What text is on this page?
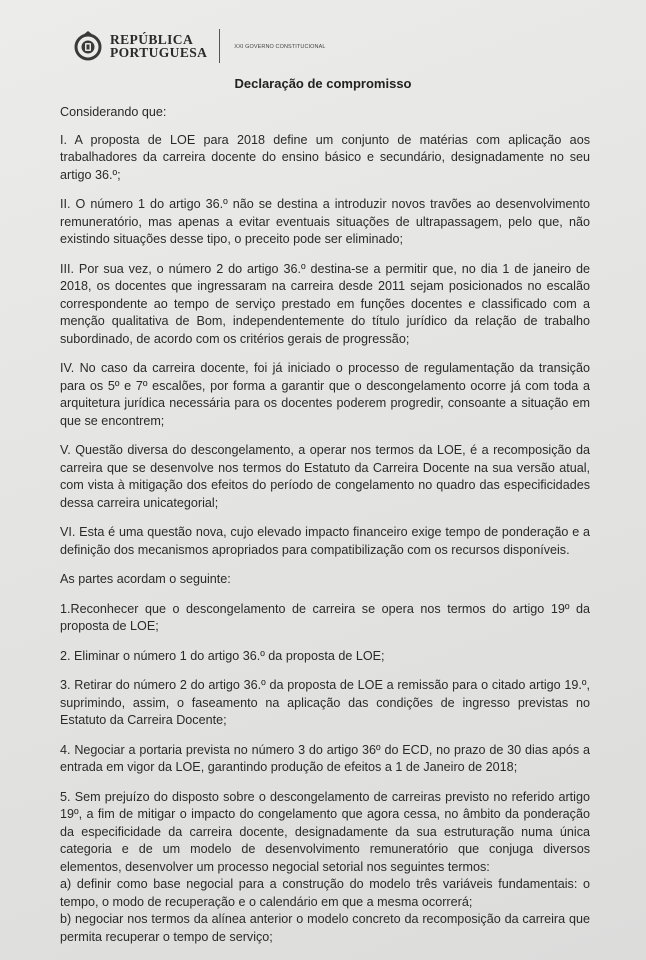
REPÚBLICA
PORTUGUESA	XXI GOVERNO CONSTITUCIONAL
Declaração de compromisso

Considerando que:

I. A proposta de LOE para 2018 define um conjunto de matérias com aplicação aos trabalhadores da carreira docente do ensino básico e secundário, designadamente no seu artigo 36.º;

II. O número 1 do artigo 36.º não se destina a introduzir novos travões ao desenvolvimento remuneratório, mas apenas a evitar eventuais situações de ultrapassagem, pelo que, não existindo situações desse tipo, o preceito pode ser eliminado;

III. Por sua vez, o número 2 do artigo 36.º destina-se a permitir que, no dia 1 de janeiro de 2018, os docentes que ingressaram na carreira desde 2011 sejam posicionados no escalão correspondente ao tempo de serviço prestado em funções docentes e classificado com a menção qualitativa de Bom, independentemente do título jurídico da relação de trabalho subordinado, de acordo com os critérios gerais de progressão;

IV. No caso da carreira docente, foi já iniciado o processo de regulamentação da transição para os 5º e 7º escalões, por forma a garantir que o descongelamento ocorre já com toda a arquitetura jurídica necessária para os docentes poderem progredir, consoante a situação em que se encontrem;

V. Questão diversa do descongelamento, a operar nos termos da LOE, é a recomposição da carreira que se desenvolve nos termos do Estatuto da Carreira Docente na sua versão atual, com vista à mitigação dos efeitos do período de congelamento no quadro das especificidades dessa carreira unicategorial;

VI. Esta é uma questão nova, cujo elevado impacto financeiro exige tempo de ponderação e a definição dos mecanismos apropriados para compatibilização com os recursos disponíveis.

As partes acordam o seguinte:

1.Reconhecer que o descongelamento de carreira se opera nos termos do artigo 19º da proposta de LOE;

2. Eliminar o número 1 do artigo 36.º da proposta de LOE;

3. Retirar do número 2 do artigo 36.º da proposta de LOE a remissão para o citado artigo 19.º, suprimindo, assim, o faseamento na aplicação das condições de ingresso previstas no Estatuto da Carreira Docente;

4. Negociar a portaria prevista no número 3 do artigo 36º do ECD, no prazo de 30 dias após a entrada em vigor da LOE, garantindo produção de efeitos a 1 de Janeiro de 2018;

5. Sem prejuízo do disposto sobre o descongelamento de carreiras previsto no referido artigo 19º, a fim de mitigar o impacto do congelamento que agora cessa, no âmbito da ponderação da especificidade da carreira docente, designadamente da sua estruturação numa única categoria e de um modelo de desenvolvimento remuneratório que conjuga diversos elementos, desenvolver um processo negocial setorial nos seguintes termos:

a) definir como base negocial para a construção do modelo três variáveis fundamentais: o tempo, o modo de recuperação e o calendário em que a mesma ocorrerá;

b) negociar nos termos da alínea anterior o modelo concreto da recomposição da carreira que permita recuperar o tempo de serviço;
